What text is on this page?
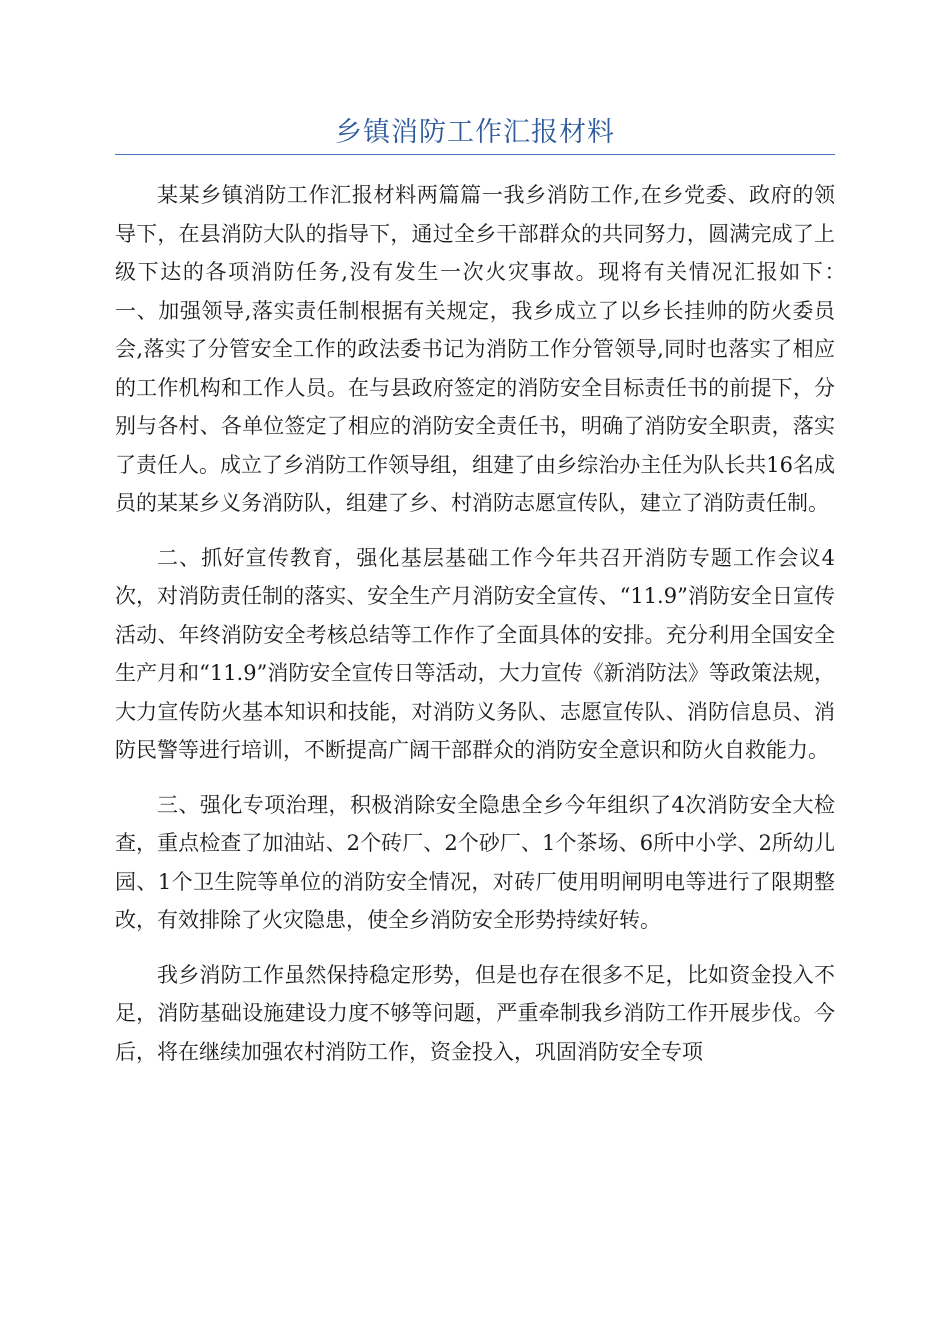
乡镇消防工作汇报材料

某某乡镇消防工作汇报材料两篇篇一我乡消防工作,在乡党委、政府的领导下，在县消防大队的指导下，通过全乡干部群众的共同努力，圆满完成了上级下达的各项消防任务,没有发生一次火灾事故。现将有关情况汇报如下：　　一、加强领导,落实责任制根据有关规定，我乡成立了以乡长挂帅的防火委员会,落实了分管安全工作的政法委书记为消防工作分管领导,同时也落实了相应的工作机构和工作人员。在与县政府签定的消防安全目标责任书的前提下，分别与各村、各单位签定了相应的消防安全责任书，明确了消防安全职责，落实了责任人。成立了乡消防工作领导组，组建了由乡综治办主任为队长共16名成员的某某乡义务消防队，组建了乡、村消防志愿宣传队，建立了消防责任制。

二、抓好宣传教育，强化基层基础工作今年共召开消防专题工作会议4次，对消防责任制的落实、安全生产月消防安全宣传、“11.9”消防安全日宣传活动、年终消防安全考核总结等工作作了全面具体的安排。充分利用全国安全生产月和“11.9”消防安全宣传日等活动，大力宣传《新消防法》等政策法规，大力宣传防火基本知识和技能，对消防义务队、志愿宣传队、消防信息员、消防民警等进行培训，不断提高广阔干部群众的消防安全意识和防火自救能力。

三、强化专项治理，积极消除安全隐患全乡今年组织了4次消防安全大检查，重点检查了加油站、2个砖厂、2个砂厂、1个茶场、6所中小学、2所幼儿园、1个卫生院等单位的消防安全情况，对砖厂使用明闸明电等进行了限期整改，有效排除了火灾隐患，使全乡消防安全形势持续好转。

我乡消防工作虽然保持稳定形势，但是也存在很多不足，比如资金投入不足，消防基础设施建设力度不够等问题，严重牵制我乡消防工作开展步伐。今后，将在继续加强农村消防工作，资金投入，巩固消防安全专项
